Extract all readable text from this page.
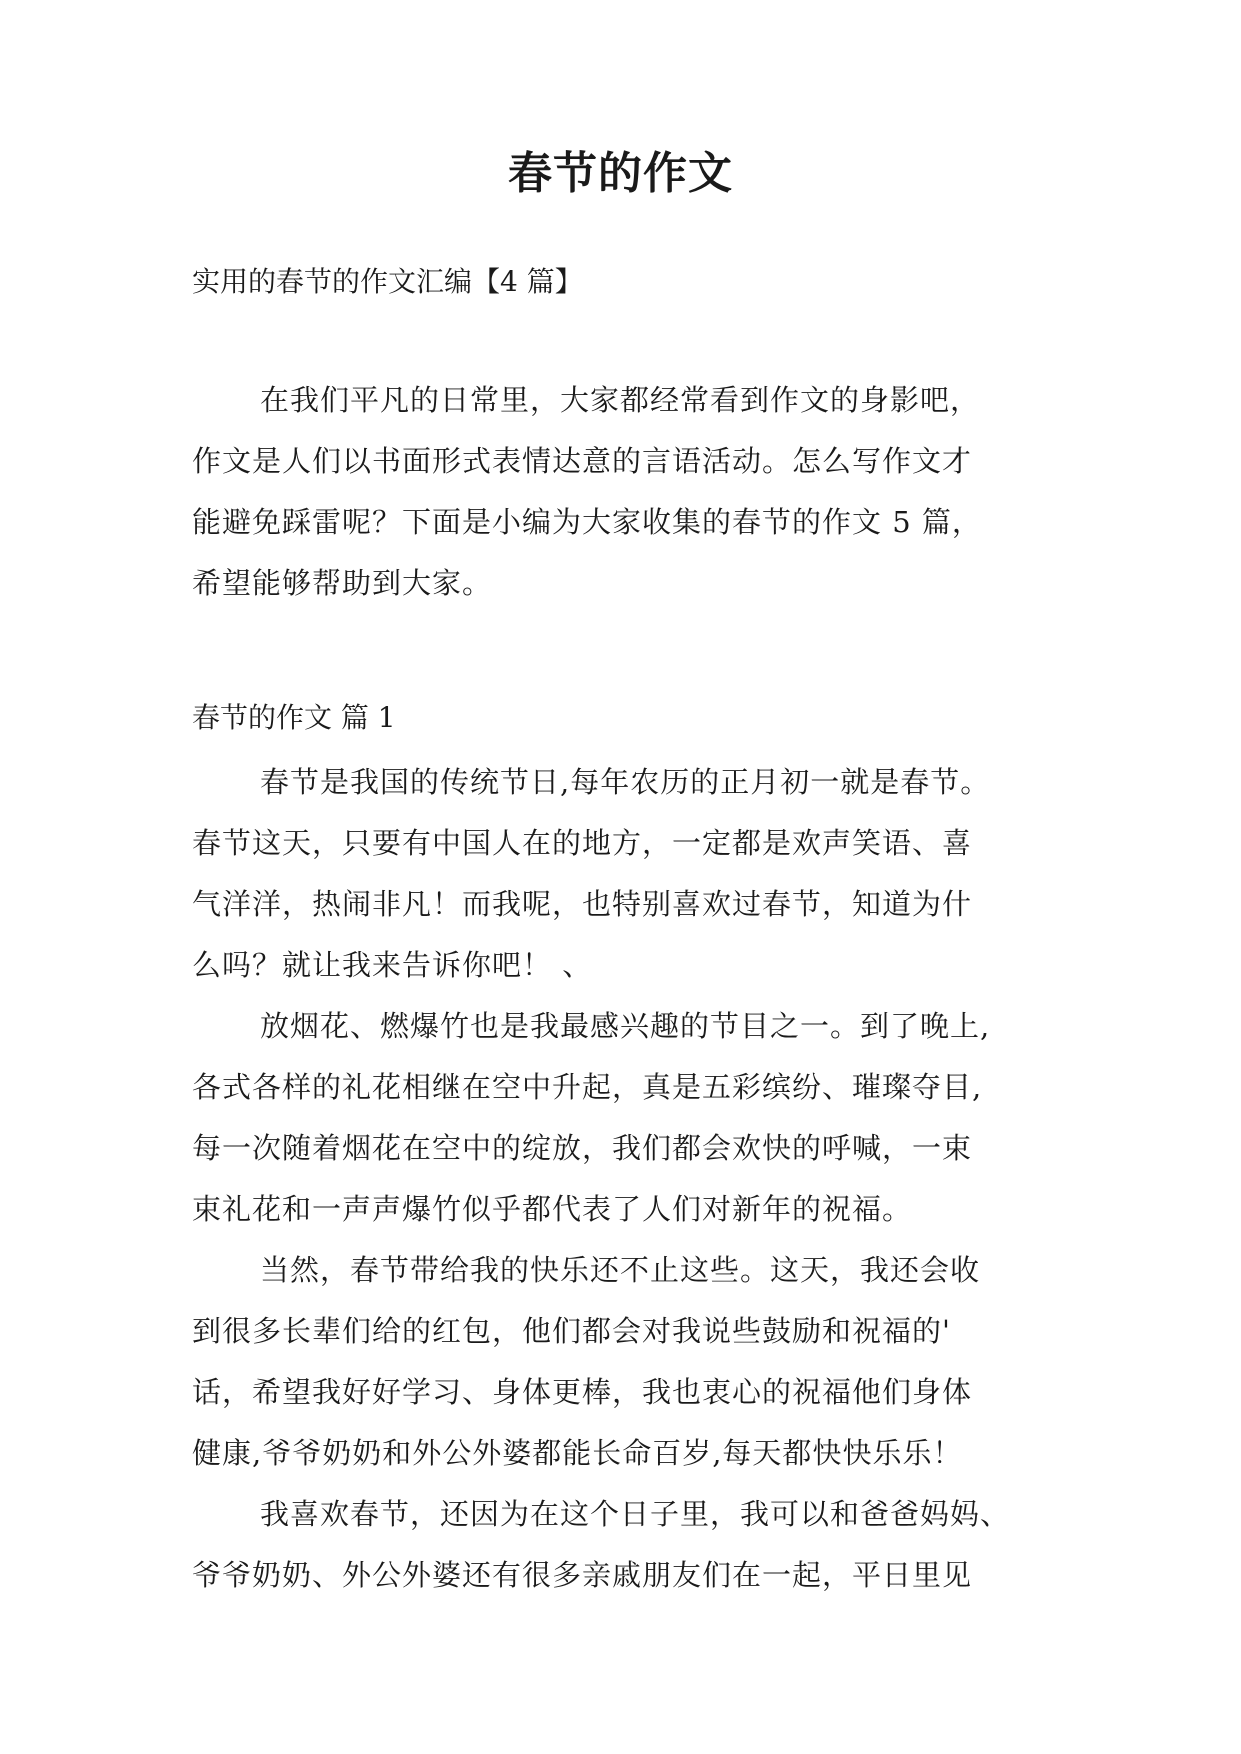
春节的作文
实用的春节的作文汇编【4 篇】
在我们平凡的日常里，大家都经常看到作文的身影吧，
作文是人们以书面形式表情达意的言语活动。怎么写作文才
能避免踩雷呢？下面是小编为大家收集的春节的作文 5 篇，
希望能够帮助到大家。
春节的作文 篇 1
春节是我国的传统节日,每年农历的正月初一就是春节。
春节这天，只要有中国人在的地方，一定都是欢声笑语、喜
气洋洋，热闹非凡！而我呢，也特别喜欢过春节，知道为什
么吗？就让我来告诉你吧！ 、
放烟花、燃爆竹也是我最感兴趣的节目之一。到了晚上,
各式各样的礼花相继在空中升起，真是五彩缤纷、璀璨夺目,
每一次随着烟花在空中的绽放，我们都会欢快的呼喊，一束
束礼花和一声声爆竹似乎都代表了人们对新年的祝福。
当然，春节带给我的快乐还不止这些。这天，我还会收
到很多长辈们给的红包，他们都会对我说些鼓励和祝福的'
话，希望我好好学习、身体更棒，我也衷心的祝福他们身体
健康,爷爷奶奶和外公外婆都能长命百岁,每天都快快乐乐！
我喜欢春节，还因为在这个日子里，我可以和爸爸妈妈、
爷爷奶奶、外公外婆还有很多亲戚朋友们在一起，平日里见
